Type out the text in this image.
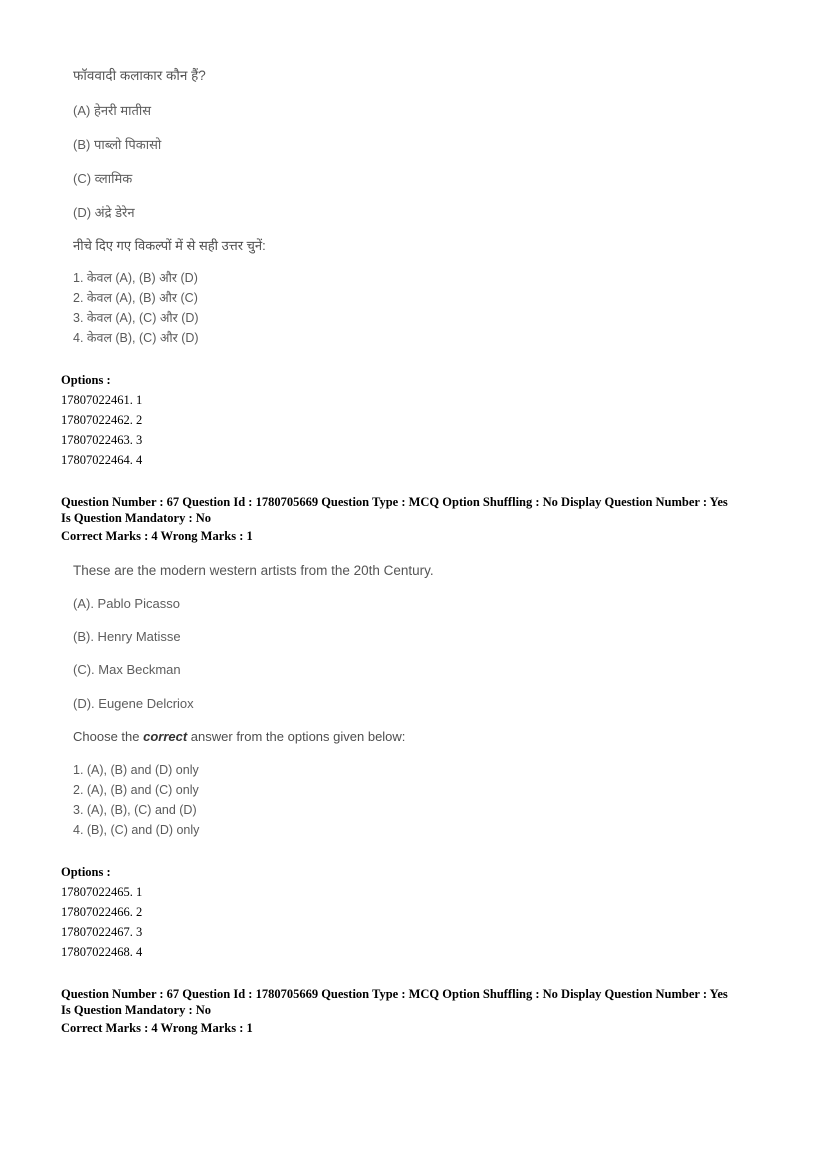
फॉववादी कलाकार कौन हैं?
(A) हेनरी मातीस
(B) पाब्लो पिकासो
(C) व्लामिक
(D) अंद्रे डेरेन
नीचे दिए गए विकल्पों में से सही उत्तर चुनें:
1. केवल (A), (B) और (D)
2. केवल (A), (B) और (C)
3. केवल (A), (C) और (D)
4. केवल (B), (C) और (D)
Options :
17807022461. 1
17807022462. 2
17807022463. 3
17807022464. 4
Question Number : 67 Question Id : 1780705669 Question Type : MCQ Option Shuffling : No Display Question Number : Yes
Is Question Mandatory : No
Correct Marks : 4 Wrong Marks : 1
These are the modern western artists from the 20th Century.
(A). Pablo Picasso
(B). Henry Matisse
(C). Max Beckman
(D). Eugene Delcriox
Choose the correct answer from the options given below:
1. (A), (B) and (D) only
2. (A), (B) and (C) only
3. (A), (B), (C) and (D)
4. (B), (C) and (D) only
Options :
17807022465. 1
17807022466. 2
17807022467. 3
17807022468. 4
Question Number : 67 Question Id : 1780705669 Question Type : MCQ Option Shuffling : No Display Question Number : Yes
Is Question Mandatory : No
Correct Marks : 4 Wrong Marks : 1
